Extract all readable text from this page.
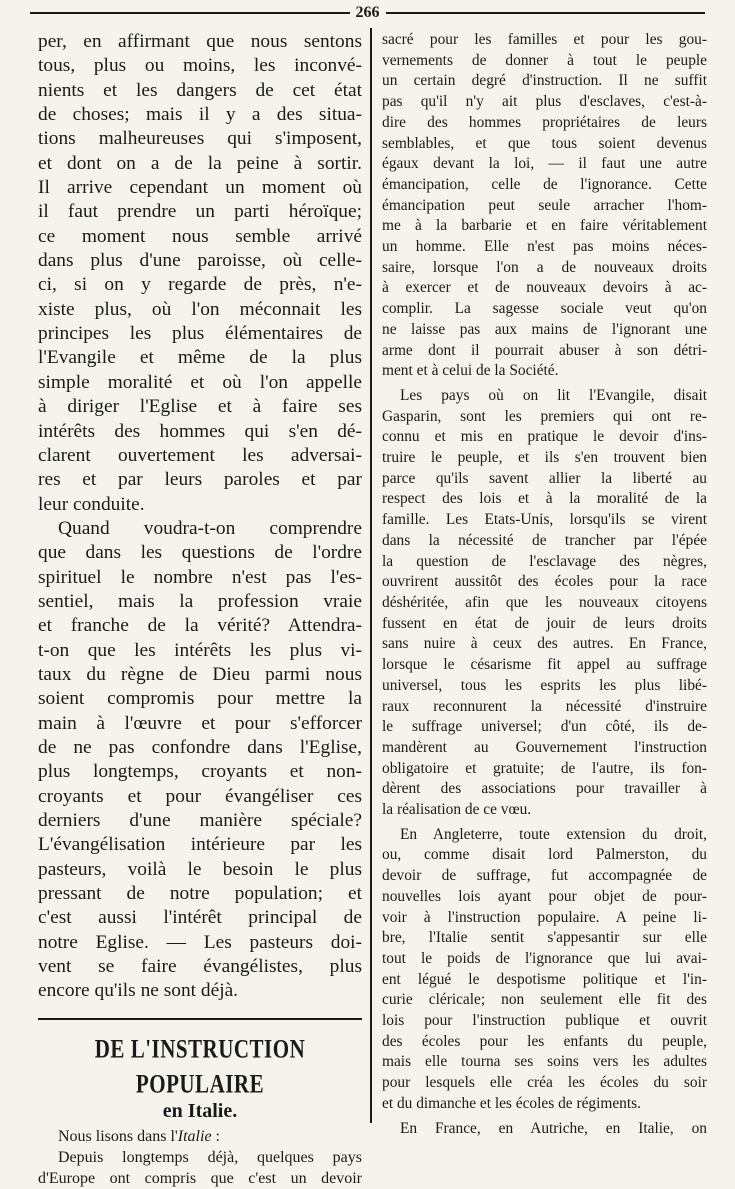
266
per, en affirmant que nous sentons
tous, plus ou moins, les inconvé-
nients et les dangers de cet état
de choses; mais il y a des situa-
tions malheureuses qui s'imposent,
et dont on a de la peine à sortir.
Il arrive cependant un moment où
il faut prendre un parti héroïque;
ce moment nous semble arrivé
dans plus d'une paroisse, où celle-
ci, si on y regarde de près, n'e-
xiste plus, où l'on méconnait les
principes les plus élémentaires de
l'Evangile et même de la plus
simple moralité et où l'on appelle
à diriger l'Eglise et à faire ses
intérêts des hommes qui s'en dé-
clarent ouvertement les adversai-
res et par leurs paroles et par
leur conduite.
Quand voudra-t-on comprendre
que dans les questions de l'ordre
spirituel le nombre n'est pas l'es-
sentiel, mais la profession vraie
et franche de la vérité? Attendra-
t-on que les intérêts les plus vi-
taux du règne de Dieu parmi nous
soient compromis pour mettre la
main à l'œuvre et pour s'efforcer
de ne pas confondre dans l'Eglise,
plus longtemps, croyants et non-
croyants et pour évangéliser ces
derniers d'une manière spéciale?
L'évangélisation intérieure par les
pasteurs, voilà le besoin le plus
pressant de notre population; et
c'est aussi l'intérêt principal de
notre Eglise. — Les pasteurs doi-
vent se faire évangélistes, plus
encore qu'ils ne sont déjà.
DE L'INSTRUCTION POPULAIRE
en Italie.
Nous lisons dans l'Italie :
Depuis longtemps déjà, quelques pays
d'Europe ont compris que c'est un devoir
sacré pour les familles et pour les gou-
vernements de donner à tout le peuple
un certain degré d'instruction. Il ne suffit
pas qu'il n'y ait plus d'esclaves, c'est-à-
dire des hommes propriétaires de leurs
semblables, et que tous soient devenus
égaux devant la loi, — il faut une autre
émancipation, celle de l'ignorance. Cette
émancipation peut seule arracher l'hom-
me à la barbarie et en faire véritablement
un homme. Elle n'est pas moins néces-
saire, lorsque l'on a de nouveaux droits
à exercer et de nouveaux devoirs à ac-
complir. La sagesse sociale veut qu'on
ne laisse pas aux mains de l'ignorant une
arme dont il pourrait abuser à son détri-
ment et à celui de la Société.
Les pays où on lit l'Evangile, disait
Gasparin, sont les premiers qui ont re-
connu et mis en pratique le devoir d'ins-
truire le peuple, et ils s'en trouvent bien
parce qu'ils savent allier la liberté au
respect des lois et à la moralité de la
famille. Les Etats-Unis, lorsqu'ils se virent
dans la nécessité de trancher par l'épée
la question de l'esclavage des nègres,
ouvrirent aussitôt des écoles pour la race
déshéritée, afin que les nouveaux citoyens
fussent en état de jouir de leurs droits
sans nuire à ceux des autres. En France,
lorsque le césarisme fit appel au suffrage
universel, tous les esprits les plus libé-
raux reconnurent la nécessité d'instruire
le suffrage universel; d'un côté, ils de-
mandèrent au Gouvernement l'instruction
obligatoire et gratuite; de l'autre, ils fon-
dèrent des associations pour travailler à
la réalisation de ce vœu.
En Angleterre, toute extension du droit,
ou, comme disait lord Palmerston, du
devoir de suffrage, fut accompagnée de
nouvelles lois ayant pour objet de pour-
voir à l'instruction populaire. A peine li-
bre, l'Italie sentit s'appesantir sur elle
tout le poids de l'ignorance que lui avai-
ent légué le despotisme politique et l'in-
curie cléricale; non seulement elle fit des
lois pour l'instruction publique et ouvrit
des écoles pour les enfants du peuple,
mais elle tourna ses soins vers les adultes
pour lesquels elle créa les écoles du soir
et du dimanche et les écoles de régiments.
En France, en Autriche, en Italie, on
